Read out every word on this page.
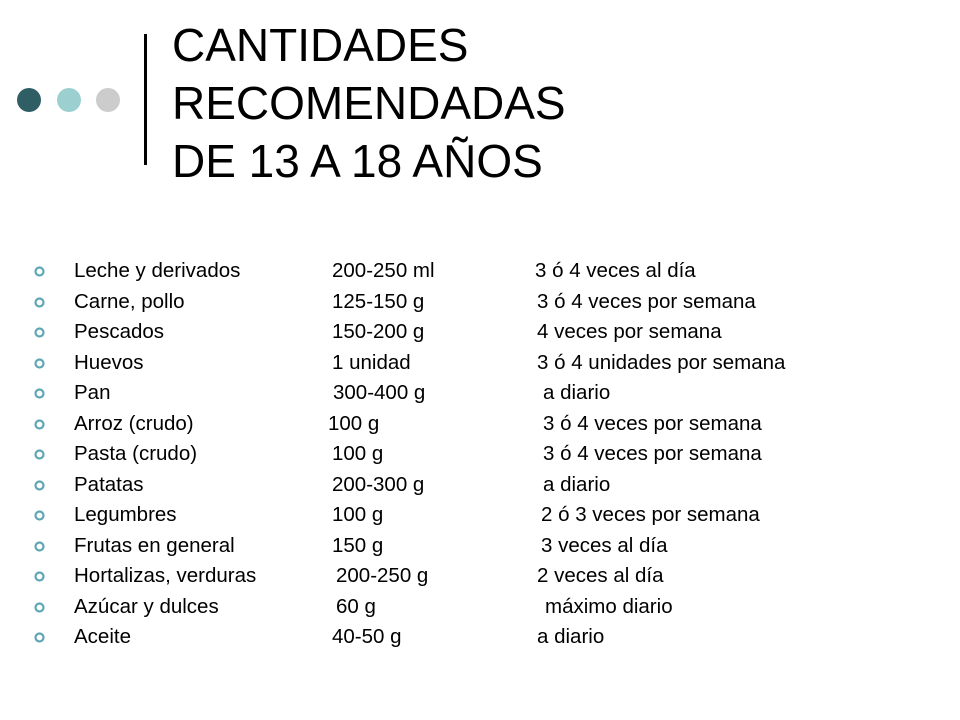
CANTIDADES
RECOMENDADAS
DE 13 A 18 AÑOS
Leche y derivados	200-250 ml	3 ó 4 veces al día
Carne, pollo	125-150 g	3 ó 4 veces por semana
Pescados	150-200 g	4 veces por semana
Huevos	1 unidad	3 ó 4 unidades por semana
Pan	300-400 g	a diario
Arroz (crudo)	100 g	3 ó 4 veces por semana
Pasta (crudo)	100 g	3 ó 4 veces por semana
Patatas	200-300 g	a diario
Legumbres	100 g	2 ó 3 veces por semana
Frutas en general	150 g	3 veces al día
Hortalizas, verduras	200-250 g	2 veces al día
Azúcar y dulces	60 g	máximo diario
Aceite	40-50 g	a diario
